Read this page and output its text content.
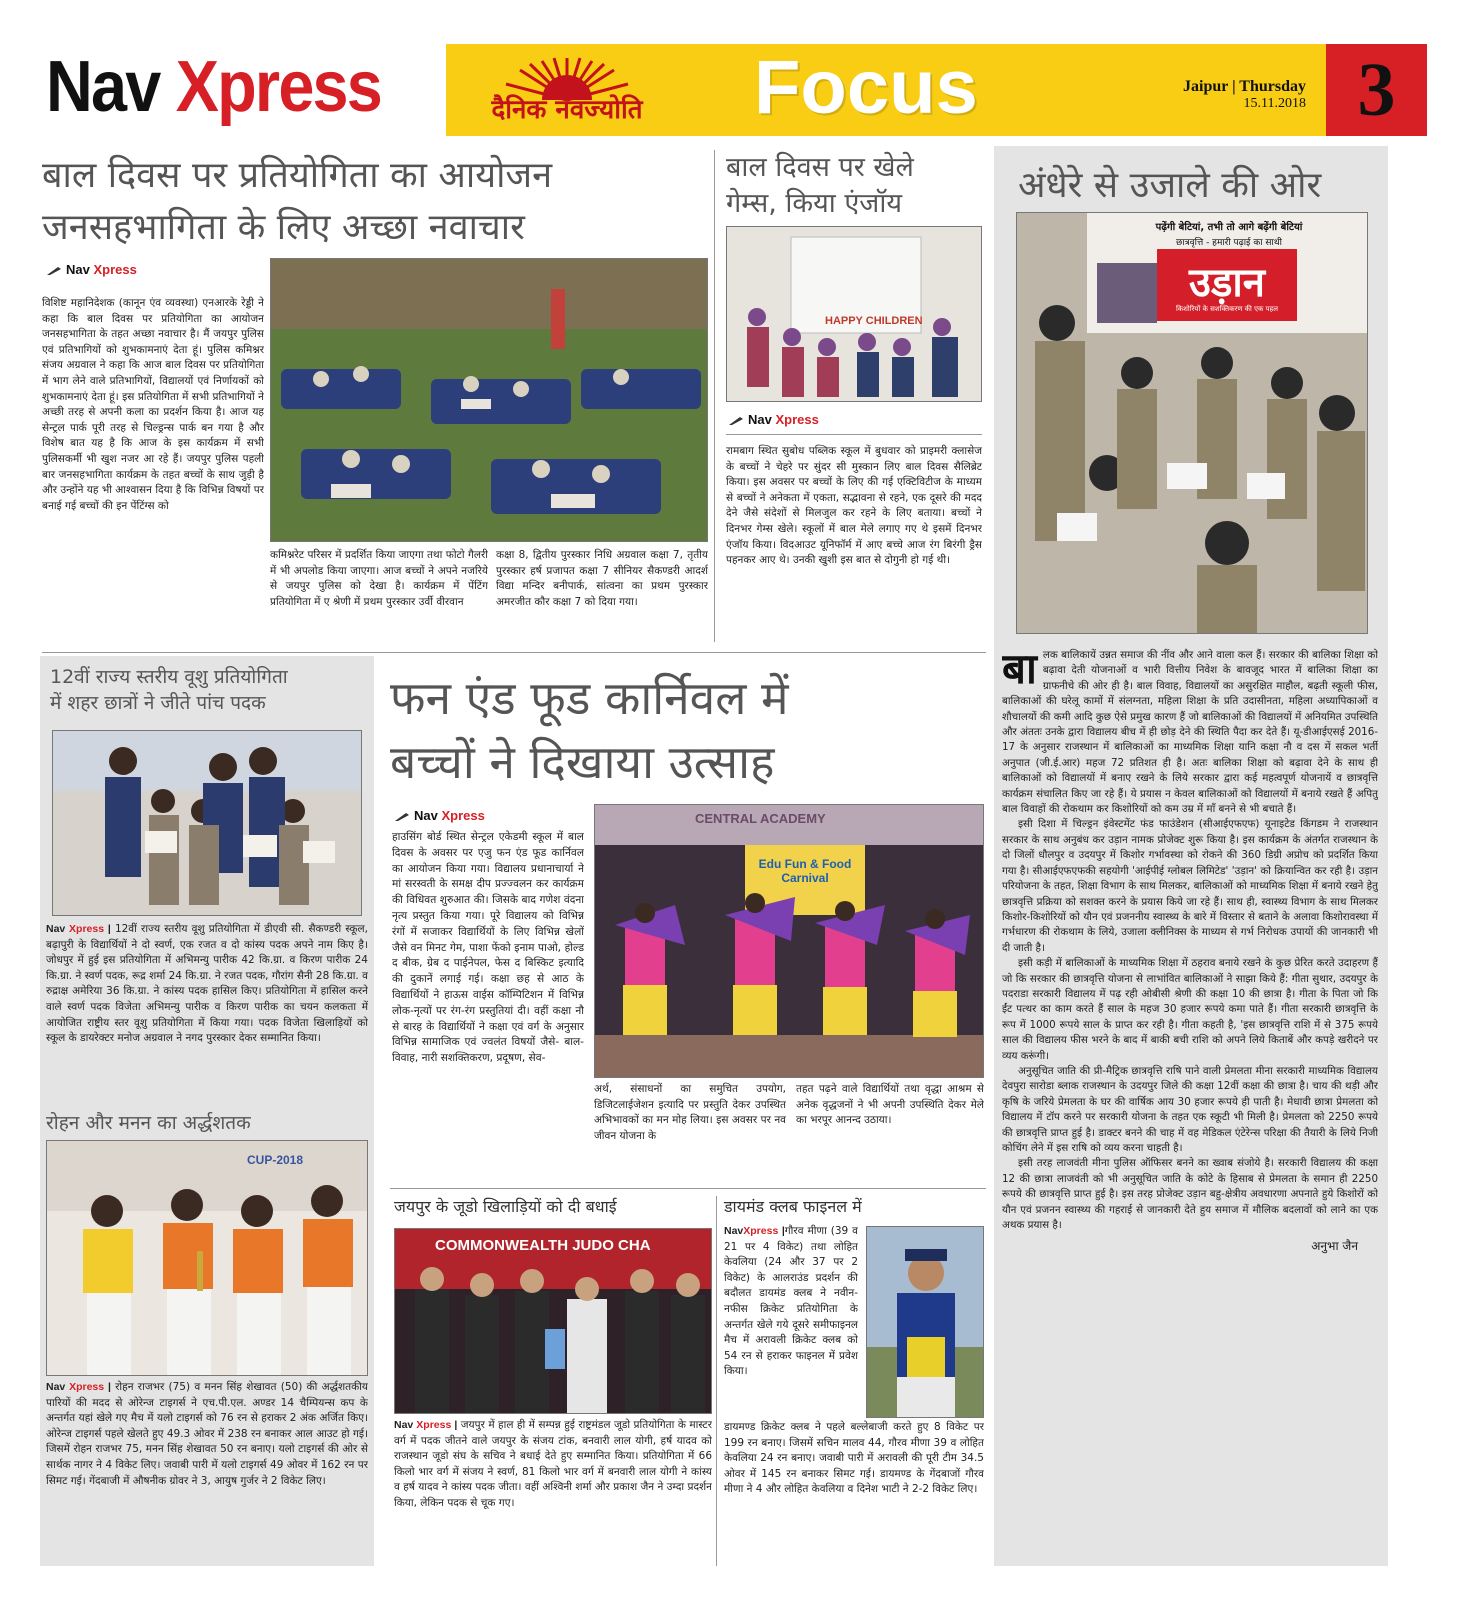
Nav Xpress	दैनिक नवज्योति Focus	Jaipur | Thursday
15.11.2018 3
बाल दिवस पर प्रतियोगिता का आयोजन
जनसहभागिता के लिए अच्छा नवाचार
Nav Xpress
विशिष्ट महानिदेशक (कानून एंव व्यवस्था) एनआरके रेड्डी ने कहा कि बाल दिवस पर प्रतियोगिता का आयोजन जनसहभागिता के तहत अच्छा नवाचार है। मैं जयपुर पुलिस एवं प्रतिभागियों को शुभकामनाएं देता हूं। पुलिस कमिश्नर संजय अग्रवाल ने कहा कि आज बाल दिवस पर प्रतियोगिता में भाग लेने वाले प्रतिभागियों, विद्यालयों एवं निर्णायकों को शुभकामनाएं देता हूं। इस प्रतियोगिता में सभी प्रतिभागियों ने अच्छी तरह से अपनी कला का प्रदर्शन किया है। आज यह सेन्ट्रल पार्क पूरी तरह से चिल्ड्रन्स पार्क बन गया है और विशेष बात यह है कि आज के इस कार्यक्रम में सभी पुलिसकर्मी भी खुश नजर आ रहे हैं। जयपुर पुलिस पहली बार जनसहभागिता कार्यक्रम के तहत बच्चों के साथ जुड़ी है और उन्होंने यह भी आश्वासन दिया है कि विभिन्न विषयों पर बनाई गई बच्चों की इन पेंटिंग्स को
कमिश्नरेट परिसर में प्रदर्शित किया जाएगा तथा फोटो गैलरी में भी अपलोड किया जाएगा। आज बच्चों ने अपने नजरिये से जयपुर पुलिस को देखा है। कार्यक्रम में पेंटिंग प्रतियोगिता में ए श्रेणी में प्रथम पुरस्कार उर्वी वीरवान
कक्षा 8, द्वितीय पुरस्कार निधि अग्रवाल कक्षा 7, तृतीय पुरस्कार हर्ष प्रजापत कक्षा 7 सीनियर सैकण्डरी आदर्श विद्या मन्दिर बनीपार्क, सांत्वना का प्रथम पुरस्कार अमरजीत कौर कक्षा 7 को दिया गया।
बाल दिवस पर खेले
गेम्स, किया एंजॉय
HAPPY CHILDREN
Nav Xpress
रामबाग स्थित सुबोध पब्लिक स्कूल में बुधवार को प्राइमरी क्लासेज के बच्चों ने चेहरे पर सुंदर सी मुस्कान लिए बाल दिवस सैलिब्रेट किया। इस अवसर पर बच्चों के लिए की गई एक्टिविटीज के माध्यम से बच्चों ने अनेकता में एकता, सद्भावना से रहने, एक दूसरे की मदद देने जैसे संदेशों से मिलजुल कर रहने के लिए बताया। बच्चों ने दिनभर गेम्स खेले। स्कूलों में बाल मेले लगाए गए थे इसमें दिनभर एंजॉय किया। विदआउट यूनिफॉर्म में आए बच्चे आज रंग बिरंगी ड्रैस पहनकर आए थे। उनकी खुशी इस बात से दोगुनी हो गई थी।
अंधेरे से उजाले की ओर
पढ़ेंगी बेटियां, तभी तो आगे बढ़ेंगी बेटियां
छात्रवृत्ति - हमारी पढ़ाई का साथी
उड़ान
किशोरियों के सशक्तिकरण की एक पहल
बालक बालिकायें उन्नत समाज की नींव और आने वाला कल हैं। सरकार की बालिका शिक्षा को बढ़ावा देती योजनाओं व भारी वित्तीय निवेश के बावजूद भारत में बालिका शिक्षा का ग्राफनीचे की ओर ही है। बाल विवाह, विद्यालयों का असुरक्षित माहौल, बढ़ती स्कूली फीस, बालिकाओं की घरेलू कामों में संलग्नता, महिला शिक्षा के प्रति उदासीनता, महिला अध्यापिकाओं व शौचालयों की कमी आदि कुछ ऐसे प्रमुख कारण हैं जो बालिकाओं की विद्यालयों में अनियमित उपस्थिति और अंततः उनके द्वारा विद्यालय बीच में ही छोड़ देने की स्थिति पैदा कर देते हैं। यू-डीआईएसई 2016-17 के अनुसार राजस्थान में बालिकाओं का माध्यमिक शिक्षा यानि कक्षा नौ व दस में सकल भर्ती अनुपात (जी.ई.आर) महज 72 प्रतिशत ही है। अतः बालिका शिक्षा को बढ़ावा देने के साथ ही बालिकाओं को विद्यालयों में बनाए रखने के लिये सरकार द्वारा कई महत्वपूर्ण योजनायें व छात्रवृत्ति कार्यक्रम संचालित किए जा रहे हैं। ये प्रयास न केवल बालिकाओं को विद्यालयों में बनाये रखते हैं अपितु बाल विवाहों की रोकथाम कर किशोरियों को कम उम्र में माँ बनने से भी बचाते हैं।
इसी दिशा में चिल्ड्रन इंवेस्टमेंट फंड फाउंडेशन (सीआईएफएफ) यूनाइटेड किंगडम ने राजस्थान सरकार के साथ अनुबंध कर उड़ान नामक प्रोजेक्ट शुरू किया है। इस कार्यक्रम के अंतर्गत राजस्थान के दो जिलों धौलपुर व उदयपुर में किशोर गर्भावस्था को रोकने की 360 डिग्री अप्रोच को प्रदर्शित किया गया है। सीआईएफएफकी सहयोगी 'आईपीई ग्लोबल लिमिटेड' 'उड़ान' को क्रियान्वित कर रही है। उड़ान परियोजना के तहत, शिक्षा विभाग के साथ मिलकर, बालिकाओं को माध्यमिक शिक्षा में बनाये रखने हेतु छात्रवृत्ति प्रक्रिया को सशक्त करने के प्रयास किये जा रहे हैं। साथ ही, स्वास्थ्य विभाग के साथ मिलकर किशोर-किशोरियों को यौन एवं प्रजननीय स्वास्थ्य के बारे में विस्तार से बताने के अलावा किशोरावस्था में गर्भधारण की रोकथाम के लिये, उजाला क्लीनिक्स के माध्यम से गर्भ निरोधक उपायों की जानकारी भी दी जाती है।
इसी कड़ी में बालिकाओं के माध्यमिक शिक्षा में ठहराव बनाये रखने के कुछ प्रेरित करते उदाहरण हैं जो कि सरकार की छात्रवृत्ति योजना से लाभांवित बालिकाओं ने साझा किये हैं: गीता सुथार, उदयपुर के पदराडा सरकारी विद्यालय में पढ़ रही ओबीसी श्रेणी की कक्षा 10 की छात्रा है। गीता के पिता जो कि ईंट पत्थर का काम करते हैं साल के महज 30 हजार रूपये कमा पाते हैं। गीता सरकारी छात्रवृत्ति के रूप में 1000 रूपये साल के प्राप्त कर रही है। गीता कहती है, 'इस छात्रवृत्ति राशि में से 375 रूपये साल की विद्यालय फीस भरने के बाद में बाकी बची राशि को अपने लिये किताबें और कपड़े खरीदने पर व्यय करूंगी।
अनुसूचित जाति की प्री-मैट्रिक छात्रवृत्ति राषि पाने वाली प्रेमलता मीना सरकारी माध्यमिक विद्यालय देवपुरा सारोडा ब्लाक राजस्थान के उदयपुर जिले की कक्षा 12वीं कक्षा की छात्रा है। चाय की थड़ी और कृषि के जरिये प्रेमलता के घर की वार्षिक आय 30 हजार रूपये ही पाती है। मेधावी छात्रा प्रेमलता को विद्यालय में टॉप करने पर सरकारी योजना के तहत एक स्कूटी भी मिली है। प्रेमलता को 2250 रूपये की छात्रवृत्ति प्राप्त हुई है। डाक्टर बनने की चाह में वह मेडिकल एंटेरेन्स परिक्षा की तैयारी के लिये निजी कोचिंग लेने में इस राषि को व्यय करना चाहती है।
इसी तरह लाजवंती मीना पुलिस ऑफिसर बनने का ख्वाब संजोये है। सरकारी विद्यालय की कक्षा 12 की छात्रा लाजवंती को भी अनुसूचित जाति के कोटे के हिसाब से प्रेमलता के समान ही 2250 रूपये की छात्रवृत्ति प्राप्त हुई है। इस तरह प्रोजेक्ट उड़ान बहु-क्षेत्रीय अवधारणा अपनाते हुये किशोरों को यौन एवं प्रजनन स्वास्थ्य की गहराई से जानकारी देते हुय समाज में मौलिक बदलावों को लाने का एक अथक प्रयास है।
अनुभा जैन
12वीं राज्य स्तरीय वूशु प्रतियोगिता
में शहर छात्रों ने जीते पांच पदक
Nav Xpress | 12वीं राज्य स्तरीय वूशु प्रतियोगिता में डीएवी सी. सैकण्डरी स्कूल, बढ़ापुरी के विद्यार्थियों ने दो स्वर्ण, एक रजत व दो कांस्य पदक अपने नाम किए है। जोधपुर में हुई इस प्रतियोगिता में अभिमन्यु पारीक 42 कि.ग्रा. व किरण पारीक 24 कि.ग्रा. ने स्वर्ण पदक, रूद्र शर्मा 24 कि.ग्रा. ने रजत पदक, गौरांग सैनी 28 कि.ग्रा. व रुद्राक्ष अमेरिया 36 कि.ग्रा. ने कांस्य पदक हासिल किए। प्रतियोगिता में हासिल करने वाले स्वर्ण पदक विजेता अभिमन्यु पारीक व किरण पारीक का चयन कलकता में आयोजित राष्ट्रीय स्तर वूशु प्रतियोगिता में किया गया। पदक विजेता खिलाड़ियों को स्कूल के डायरेक्टर मनोज अग्रवाल ने नगद पुरस्कार देकर सम्मानित किया।
रोहन और मनन का अर्द्धशतक
CUP-2018
Nav Xpress | रोहन राजभर (75) व मनन सिंह शेखावत (50) की अर्द्धशतकीय पारियों की मदद से ओरेन्ज टाइगर्स ने एच.पी.एल. अण्डर 14 चैम्पियन्स कप के अन्तर्गत यहां खेले गए मैच में यलो टाइगर्स को 76 रन से हराकर 2 अंक अर्जित किए। ओरेन्ज टाइगर्स पहले खेलते हुए 49.3 ओवर में 238 रन बनाकर आल आउट हो गई। जिसमें रोहन राजभर 75, मनन सिंह शेखावत 50 रन बनाए। यलो टाइगर्स की ओर से सार्थक नागर ने 4 विकेट लिए। जवाबी पारी में यलो टाइगर्स 49 ओवर में 162 रन पर सिमट गई। गेंदबाजी में औषनीक ग्रोवर ने 3, आयुष गुर्जर ने 2 विकेट लिए।
फन एंड फूड कार्निवल में
बच्चों ने दिखाया उत्साह
Nav Xpress
हाउसिंग बोर्ड स्थित सेन्ट्रल एकेडमी स्कूल में बाल दिवस के अवसर पर एजु फन एंड फूड कार्निवल का आयोजन किया गया। विद्यालय प्रधानाचार्या ने मां सरस्वती के समक्ष दीप प्रज्ज्वलन कर कार्यक्रम की विधिवत शुरुआत की। जिसके बाद गणेश वंदना नृत्य प्रस्तुत किया गया। पूरे विद्यालय को विभिन्न रंगों में सजाकर विद्यार्थियों के लिए विभिन्न खेलों जैसे वन मिनट गेम, पाशा फेंको इनाम पाओ, होल्ड द बीक, ग्रेब द पाईनेपल, फेस द बिस्किट इत्यादि की दुकानें लगाई गई। कक्षा छह से आठ के विद्यार्थियों ने हाऊस वाईस कॉम्पिटिशन में विभिन्न लोक-नृत्यों पर रंग-रंग प्रस्तुतियां दी। वहीं कक्षा नौ से बारह के विद्यार्थियों ने कक्षा एवं वर्ग के अनुसार विभिन्न सामाजिक एवं ज्वलंत विषयों जैसे- बाल-विवाह, नारी सशक्तिकरण, प्रदूषण, सेव-
CENTRAL ACADEMY
Edu Fun & Food Carnival
अर्थ, संसाधनों का समुचित उपयोग, डिजिटलाईजेशन इत्यादि पर प्रस्तुति देकर उपस्थित अभिभावकों का मन मोह लिया। इस अवसर पर नव जीवन योजना के
तहत पढ़ने वाले विद्यार्थियों तथा वृद्धा आश्रम से अनेक वृद्धजनों ने भी अपनी उपस्थिति देकर मेले का भरपूर आनन्द उठाया।
जयपुर के जूडो खिलाड़ियों को दी बधाई
COMMONWEALTH JUDO CHA
Nav Xpress | जयपुर में हाल ही में सम्पन्न हुई राष्ट्रमंडल जूडो प्रतियोगिता के मास्टर वर्ग में पदक जीतने वाले जयपुर के संजय टांक, बनवारी लाल योगी, हर्ष यादव को राजस्थान जूडो संघ के सचिव ने बधाई देते हुए सम्मानित किया। प्रतियोगिता में 66 किलो भार वर्ग में संजय ने स्वर्ण, 81 किलो भार वर्ग में बनवारी लाल योगी ने कांस्य व हर्ष यादव ने कांस्य पदक जीता। वहीं अश्विनी शर्मा और प्रकाश जैन ने उम्दा प्रदर्शन किया, लेकिन पदक से चूक गए।
डायमंड क्लब फाइनल में
NavXpress |गौरव मीणा (39 व 21 पर 4 विकेट) तथा लोहित केवलिया (24 और 37 पर 2 विकेट) के आलराउंड प्रदर्शन की बदौलत डायमंड क्लब ने नवीन-नफीस क्रिकेट प्रतियोगिता के अन्तर्गत खेले गये दूसरे समीफाइनल मैच में अरावली क्रिकेट क्लब को 54 रन से हराकर फाइनल में प्रवेश किया।
डायमण्ड क्रिकेट क्लब ने पहले बल्लेबाजी करते हुए 8 विकेट पर 199 रन बनाए। जिसमें सचिन मालव 44, गौरव मीणा 39 व लोहित केवलिया 24 रन बनाए। जवाबी पारी में अरावली की पूरी टीम 34.5 ओवर में 145 रन बनाकर सिमट गई। डायमण्ड के गेंदबाजों गौरव मीणा ने 4 और लोहित केवलिया व दिनेश भाटी ने 2-2 विकेट लिए।
